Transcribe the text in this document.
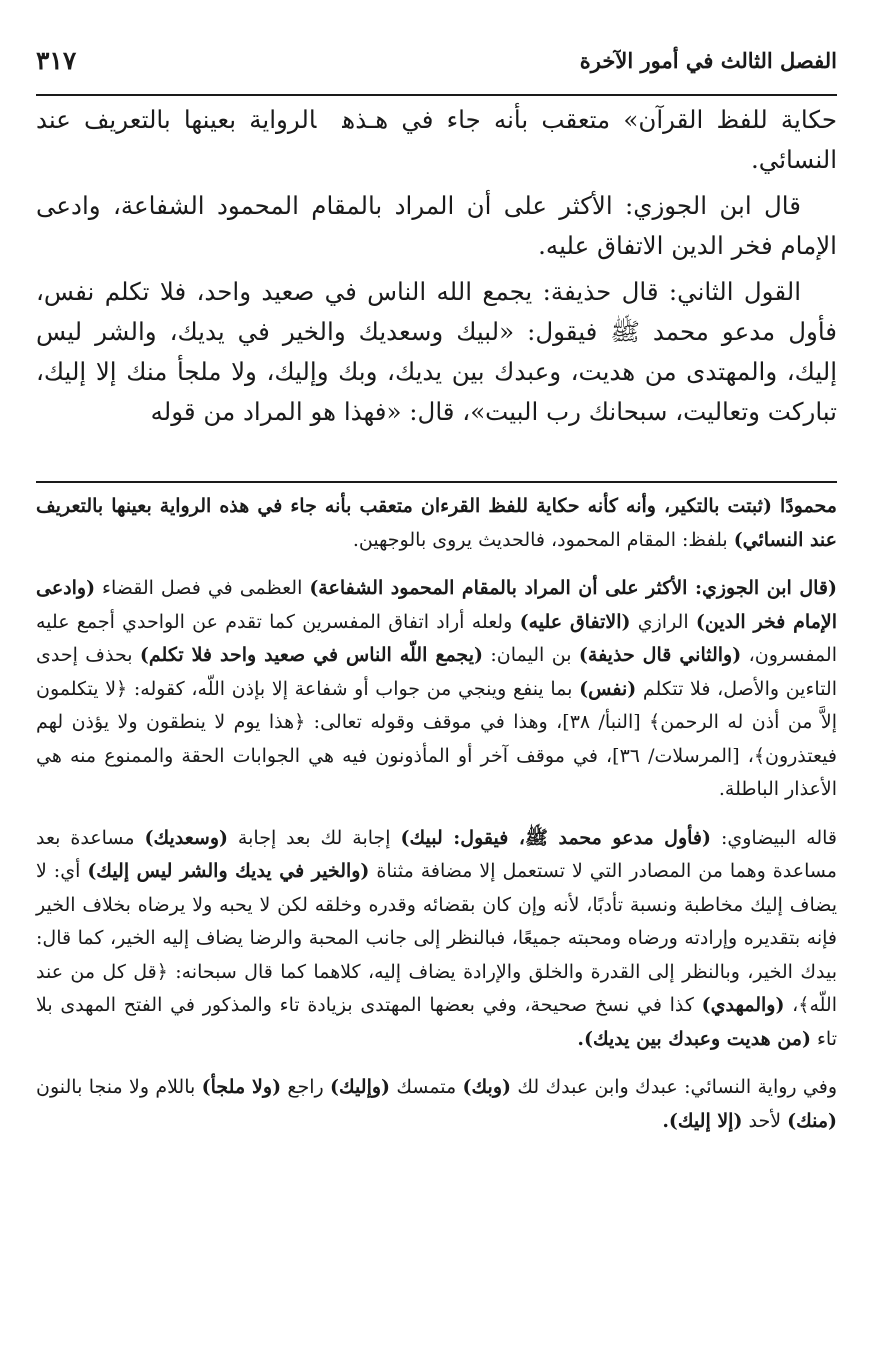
الفصل الثالث في أمور الآخرة
٣١٧

حكاية للفظ القرآن» متعقب بأنه جاء في هـذهالرواية بعينها بالتعريف عند النسائي.

قال ابن الجوزي: الأكثر على أن المراد بالمقام المحمود الشفاعة، وادعى الإمام فخر الدين الاتفاق عليه.

القول الثاني: قال حذيفة: يجمع الله الناس في صعيد واحد، فلا تكلم نفس، فأول مدعو محمد ﷺ فيقول: «لبيك وسعديك والخير في يديك، والشر ليس إليك، والمهتدى من هديت، وعبدك بين يديك، وبك وإليك، ولا ملجأ منك إلا إليك، تباركت وتعاليت، سبحانك رب البيت»، قال: «فهذا هو المراد من قوله

محمودًا (ثبتت بالتكير، وأنه كأنه حكاية للفظ القرءان متعقب بأنه جاء في هذه الرواية بعينها بالتعريف عند النسائي) بلفظ: المقام المحمود، فالحديث يروى بالوجهين.

(قال ابن الجوزي: الأكثر على أن المراد بالمقام المحمود الشفاعة) العظمى في فصل القضاء (وادعى الإمام فخر الدين) الرازي (الاتفاق عليه) ولعله أراد اتفاق المفسرين كما تقدم عن الواحدي أجمع عليه المفسرون، (والثاني قال حذيفة) بن اليمان: (يجمع اللّه الناس في صعيد واحد فلا تكلم) بحذف إحدى التاءين والأصل، فلا تتكلم (نفس) بما ينفع وينجي من جواب أو شفاعة إلا بإذن اللّه، كقوله: ﴿لا يتكلمون إلاَّ من أذن له الرحمن﴾ [النبأ/ ٣٨]، وهذا في موقف وقوله تعالى: ﴿هذا يوم لا ينطقون ولا يؤذن لهم فيعتذرون﴾، [المرسلات/ ٣٦]، في موقف آخر أو المأذونون فيه هي الجوابات الحقة والممنوع منه هي الأعذار الباطلة.

قاله البيضاوي: (فأول مدعو محمد ﷺ، فيقول: لبيك) إجابة لك بعد إجابة (وسعديك) مساعدة بعد مساعدة وهما من المصادر التي لا تستعمل إلا مضافة مثناة (والخير في يديك والشر ليس إليك) أي: لا يضاف إليك مخاطبة ونسبة تأدبًا، لأنه وإن كان بقضائه وقدره وخلقه لكن لا يحبه ولا يرضاه بخلاف الخير فإنه بتقديره وإرادته ورضاه ومحبته جميعًا، فبالنظر إلى جانب المحبة والرضا يضاف إليه الخير، كما قال: بيدك الخير، وبالنظر إلى القدرة والخلق والإرادة يضاف إليه، كلاهما كما قال سبحانه: ﴿قل كل من عند اللّه﴾، (والمهدي) كذا في نسخ صحيحة، وفي بعضها المهتدى بزيادة تاء والمذكور في الفتح المهدى بلا تاء (من هديت وعبدك بين يديك).

وفي رواية النسائي: عبدك وابن عبدك لك (وبك) متمسك (وإليك) راجع (ولا ملجأ) باللام ولا منجا بالنون (منك) لأحد (إلا إليك).
